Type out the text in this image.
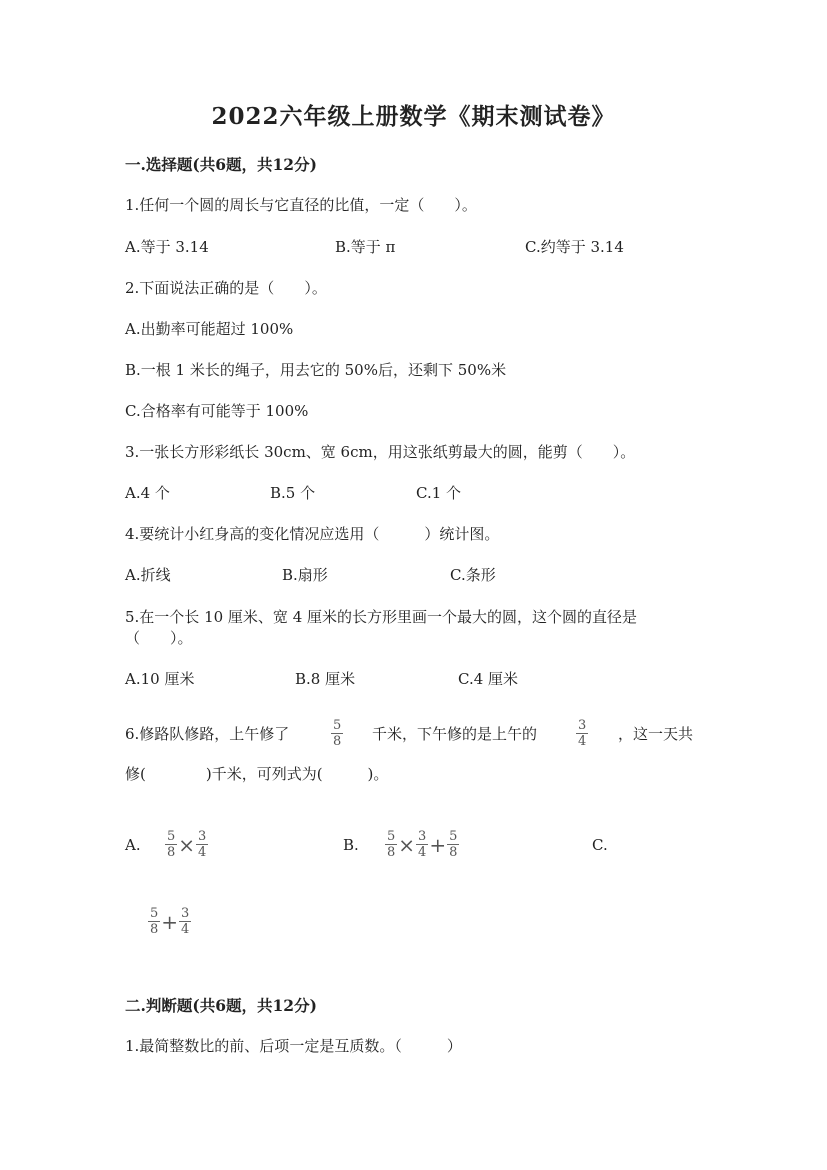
2022六年级上册数学《期末测试卷》
一.选择题(共6题，共12分)
1.任何一个圆的周长与它直径的比值，一定（　　）。
A.等于 3.14	B.等于 π	C.约等于 3.14
2.下面说法正确的是（　　）。
A.出勤率可能超过 100%
B.一根 1 米长的绳子，用去它的 50%后，还剩下 50%米
C.合格率有可能等于 100%
3.一张长方形彩纸长 30cm、宽 6cm，用这张纸剪最大的圆，能剪（　　）。
A.4 个	B.5 个	C.1 个
4.要统计小红身高的变化情况应选用（　　　）统计图。
A.折线	B.扇形	C.条形
5.在一个长 10 厘米、宽 4 厘米的长方形里画一个最大的圆，这个圆的直径是
（　　）。
A.10 厘米	B.8 厘米	C.4 厘米
6.修路队修路，上午修了	$\frac{5}{8}$ 千米，下午修的是上午的	$\frac{3}{4}$ ，这一天共
修(　　　　)千米，可列式为(　　　)。
A. $\frac{5}{8} \times \frac{3}{4}$	B. $\frac{5}{8} \times \frac{3}{4} + \frac{5}{8}$	C.
$\frac{5}{8} + \frac{3}{4}$
二.判断题(共6题，共12分)
1.最简整数比的前、后项一定是互质数。（　　　）
